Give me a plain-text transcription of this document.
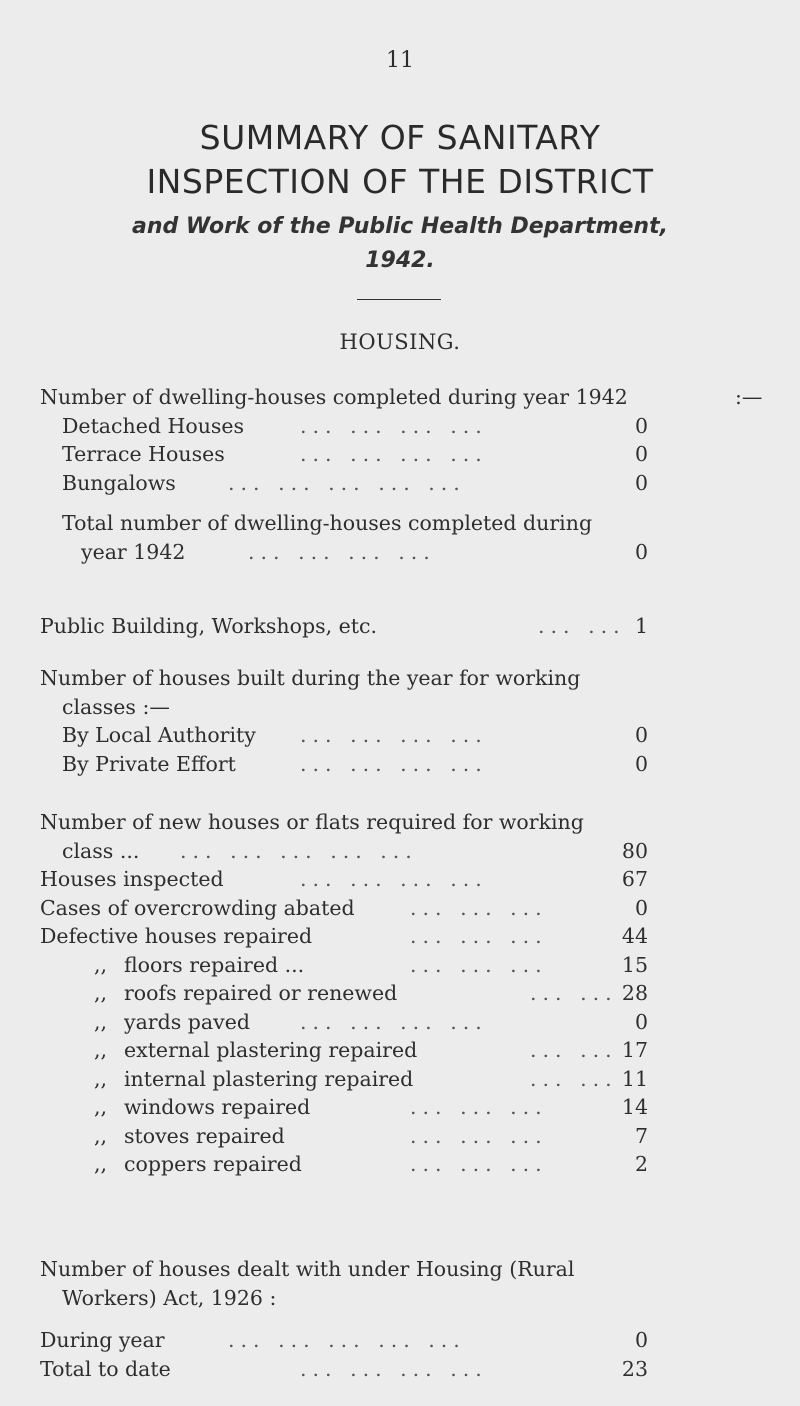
11
SUMMARY OF SANITARY
INSPECTION OF THE DISTRICT
and Work of the Public Health Department,
1942.
HOUSING.
Number of dwelling-houses completed during year 1942	:—
Detached Houses	... ... ... ...	0
Terrace Houses	... ... ... ...	0
Bungalows	... ... ... ... ...	0
Total number of dwelling-houses completed during
year 1942	... ... ... ...	0
Public Building, Workshops, etc.	... ... 1
Number of houses built during the year for working
classes :—
By Local Authority ... ... ... ...	0
By Private Effort	... ... ... ...	0
Number of new houses or flats required for working
class ... ... ... ... ... ...	80
Houses inspected	... ... ... ...	67
Cases of overcrowding abated	... ... ...	0
Defective houses repaired	... ... ...	44
,, floors repaired ...	... ... ...	15
,, roofs repaired or renewed	... ... 28
,, yards paved ... ... ... ...	0
,, external plastering repaired	... ... 17
,, internal plastering repaired	... ... 11
,, windows repaired	... ... ...	14
,, stoves repaired	... ... ...	7
,, coppers repaired	... ... ...	2
Number of houses dealt with under Housing (Rural
Workers) Act, 1926 :
During year	... ... ... ... ...	0
Total to date	... ... ... ...	23
